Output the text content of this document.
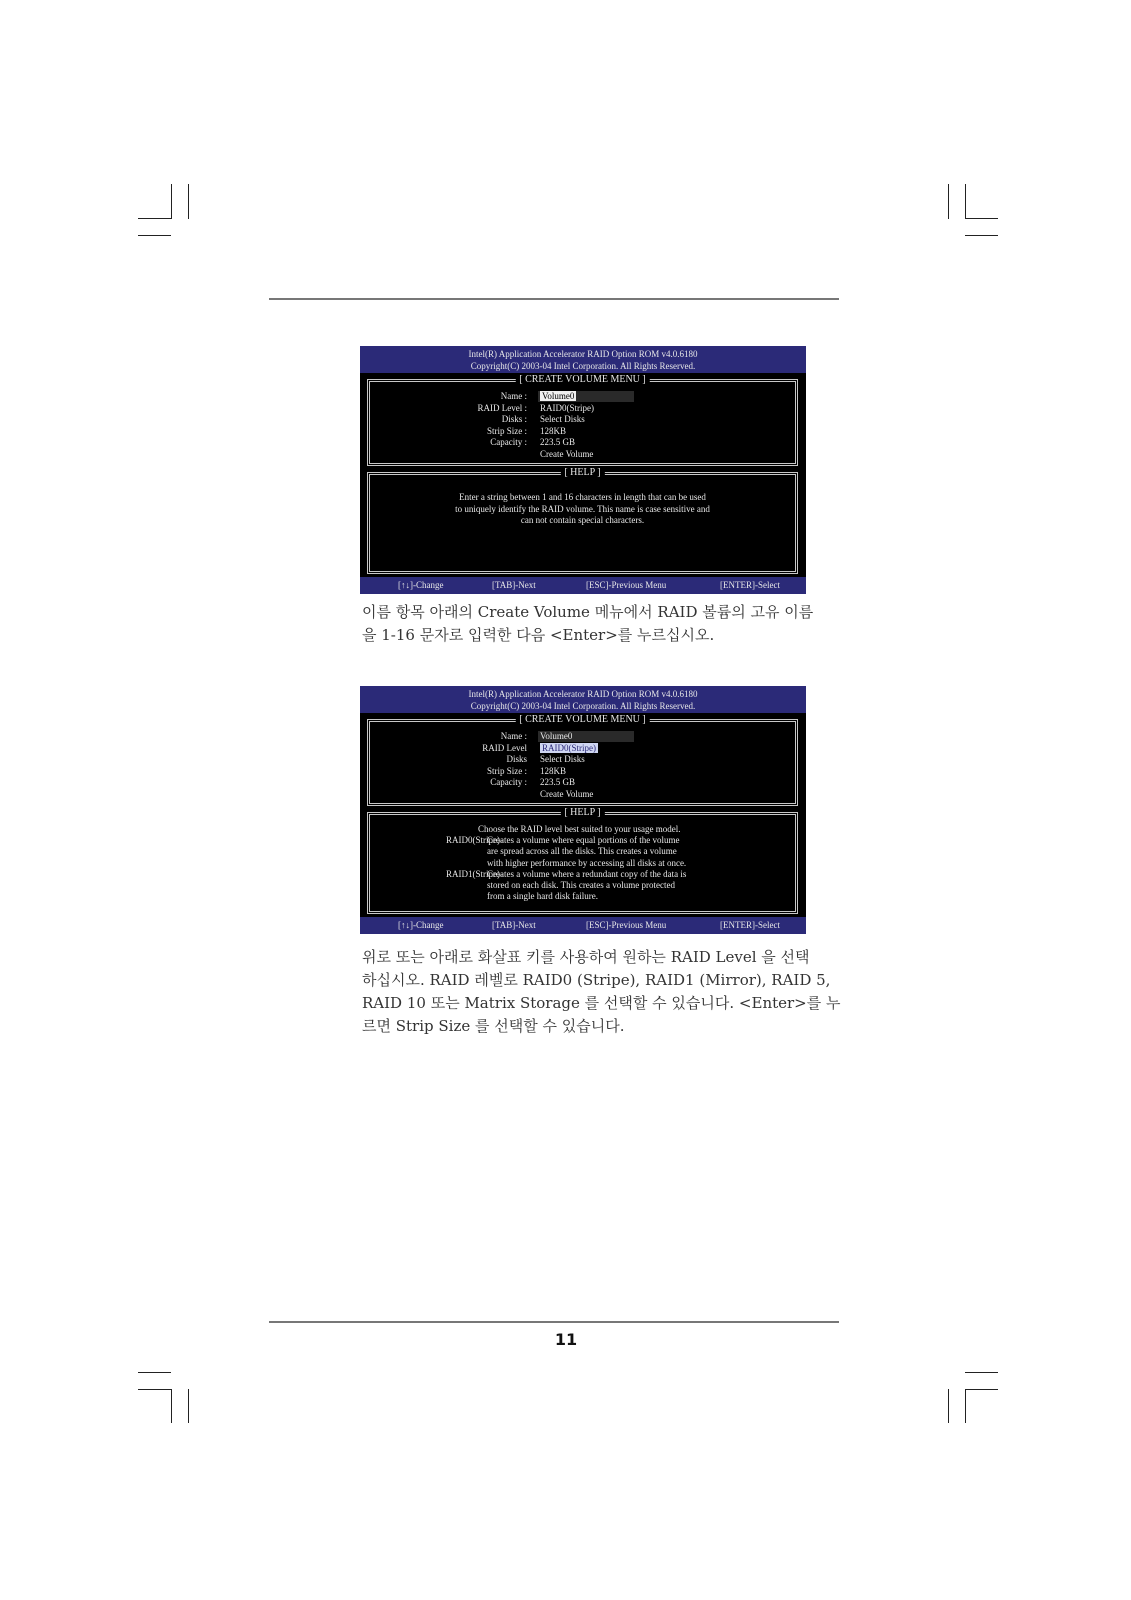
Intel(R) Application Accelerator RAID Option ROM v4.0.6180
Copyright(C) 2003-04 Intel Corporation. All Rights Reserved.
[ CREATE VOLUME MENU ]
Name : Volume0
RAID Level : RAID0(Stripe)
Disks : Select Disks
Strip Size : 128KB
Capacity : 223.5 GB
Create Volume
[ HELP ]
Enter a string between 1 and 16 characters in length that can be used
to uniquely identify the RAID volume. This name is case sensitive and
can not contain special characters.
[↑↓]-Change	[TAB]-Next	[ESC]-Previous Menu	[ENTER]-Select
이름 항목 아래의 Create Volume 메뉴에서 RAID 볼륨의 고유 이름
을 1-16 문자로 입력한 다음 <Enter>를 누르십시오.
Intel(R) Application Accelerator RAID Option ROM v4.0.6180
Copyright(C) 2003-04 Intel Corporation. All Rights Reserved.
[ CREATE VOLUME MENU ]
Name : Volume0
RAID Level RAID0(Stripe)
Disks Select Disks
Strip Size : 128KB
Capacity : 223.5 GB
Create Volume
[ HELP ]
Choose the RAID level best suited to your usage model.
RAID0(Stripe)-
Creates a volume where equal portions of the volume
are spread across all the disks. This creates a volume
with higher performance by accessing all disks at once.
RAID1(Stripe)-
Creates a volume where a redundant copy of the data is
stored on each disk. This creates a volume protected
from a single hard disk failure.
[↑↓]-Change	[TAB]-Next	[ESC]-Previous Menu	[ENTER]-Select
위로 또는 아래로 화살표 키를 사용하여 원하는 RAID Level 을 선택
하십시오. RAID 레벨로 RAID0 (Stripe), RAID1 (Mirror), RAID 5,
RAID 10 또는 Matrix Storage 를 선택할 수 있습니다. <Enter>를 누
르면 Strip Size 를 선택할 수 있습니다.
11
